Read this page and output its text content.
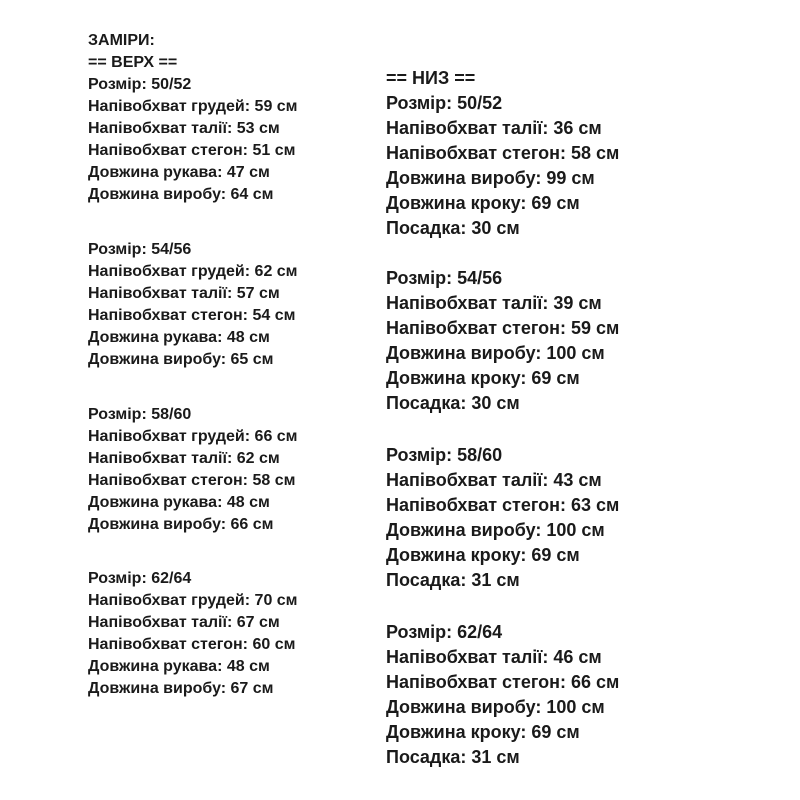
ЗАМІРИ:
== ВЕРХ ==
Розмір: 50/52
Напівобхват грудей: 59 см
Напівобхват талії: 53 см
Напівобхват стегон: 51 см
Довжина рукава: 47 см
Довжина виробу: 64 см
Розмір: 54/56
Напівобхват грудей: 62 см
Напівобхват талії: 57 см
Напівобхват стегон: 54 см
Довжина рукава: 48 см
Довжина виробу: 65 см
Розмір: 58/60
Напівобхват грудей: 66 см
Напівобхват талії: 62 см
Напівобхват стегон: 58 см
Довжина рукава: 48 см
Довжина виробу: 66 см
Розмір: 62/64
Напівобхват грудей: 70 см
Напівобхват талії: 67 см
Напівобхват стегон: 60 см
Довжина рукава: 48 см
Довжина виробу: 67 см
== НИЗ ==
Розмір: 50/52
Напівобхват талії: 36 см
Напівобхват стегон: 58 см
Довжина виробу: 99 см
Довжина кроку: 69 см
Посадка: 30 см
Розмір: 54/56
Напівобхват талії: 39 см
Напівобхват стегон: 59 см
Довжина виробу: 100 см
Довжина кроку: 69 см
Посадка: 30 см
Розмір: 58/60
Напівобхват талії: 43 см
Напівобхват стегон: 63 см
Довжина виробу: 100 см
Довжина кроку: 69 см
Посадка: 31 см
Розмір: 62/64
Напівобхват талії: 46 см
Напівобхват стегон: 66 см
Довжина виробу: 100 см
Довжина кроку: 69 см
Посадка: 31 см
